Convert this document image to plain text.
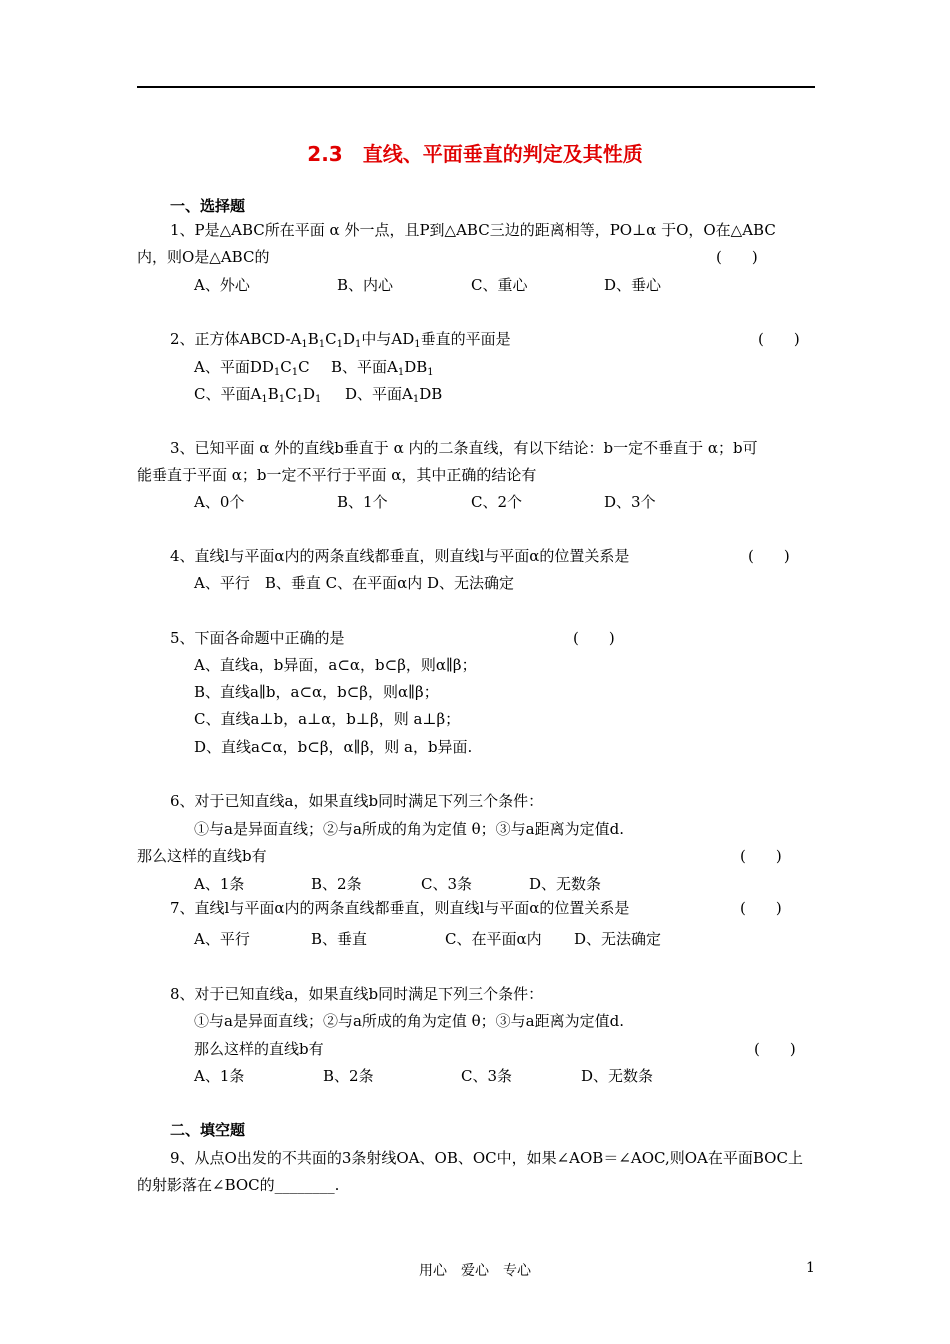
2.3　直线、平面垂直的判定及其性质
一、选择题
1、P是△ABC所在平面 α 外一点，且P到△ABC三边的距离相等，PO⊥α 于O，O在△ABC
内，则O是△ABC的	(　　)
A、外心	B、内心	C、重心	D、垂心
2、正方体ABCD-$A_1B_1C_1D_1$中与$AD_1$垂直的平面是	(　　)
A、平面$DD_1C_1C$ B、平面$A_1DB_1$
C、平面$A_1B_1C_1D_1$ D、平面$A_1DB$
3、已知平面 α 外的直线b垂直于 α 内的二条直线，有以下结论：b一定不垂直于 α；b可
能垂直于平面 α；b一定不平行于平面 α，其中正确的结论有
A、0个	B、1个	C、2个	D、3个
4、直线l与平面α内的两条直线都垂直，则直线l与平面α的位置关系是	(　　)
A、平行　B、垂直 C、在平面α内 D、无法确定
5、下面各命题中正确的是	(　　)
A、直线a，b异面，a⊂α，b⊂β，则α∥β；
B、直线a∥b，a⊂α，b⊂β，则α∥β；
C、直线a⊥b，a⊥α，b⊥β，则 a⊥β；
D、直线a⊂α，b⊂β，α∥β，则 a，b异面.
6、对于已知直线a，如果直线b同时满足下列三个条件：
①与a是异面直线；②与a所成的角为定值 θ；③与a距离为定值d.
那么这样的直线b有	(　　)
A、1条	B、2条	C、3条	D、无数条
7、直线l与平面α内的两条直线都垂直，则直线l与平面α的位置关系是	(　　)
A、平行	B、垂直	C、在平面α内 D、无法确定
8、对于已知直线a，如果直线b同时满足下列三个条件：
①与a是异面直线；②与a所成的角为定值 θ；③与a距离为定值d.
那么这样的直线b有	(　　)
A、1条	B、2条	C、3条	D、无数条
二、填空题
9、从点O出发的不共面的3条射线OA、OB、OC中，如果∠AOB＝∠AOC,则OA在平面BOC上
的射影落在∠BOC的________.
用心　爱心　专心	1
